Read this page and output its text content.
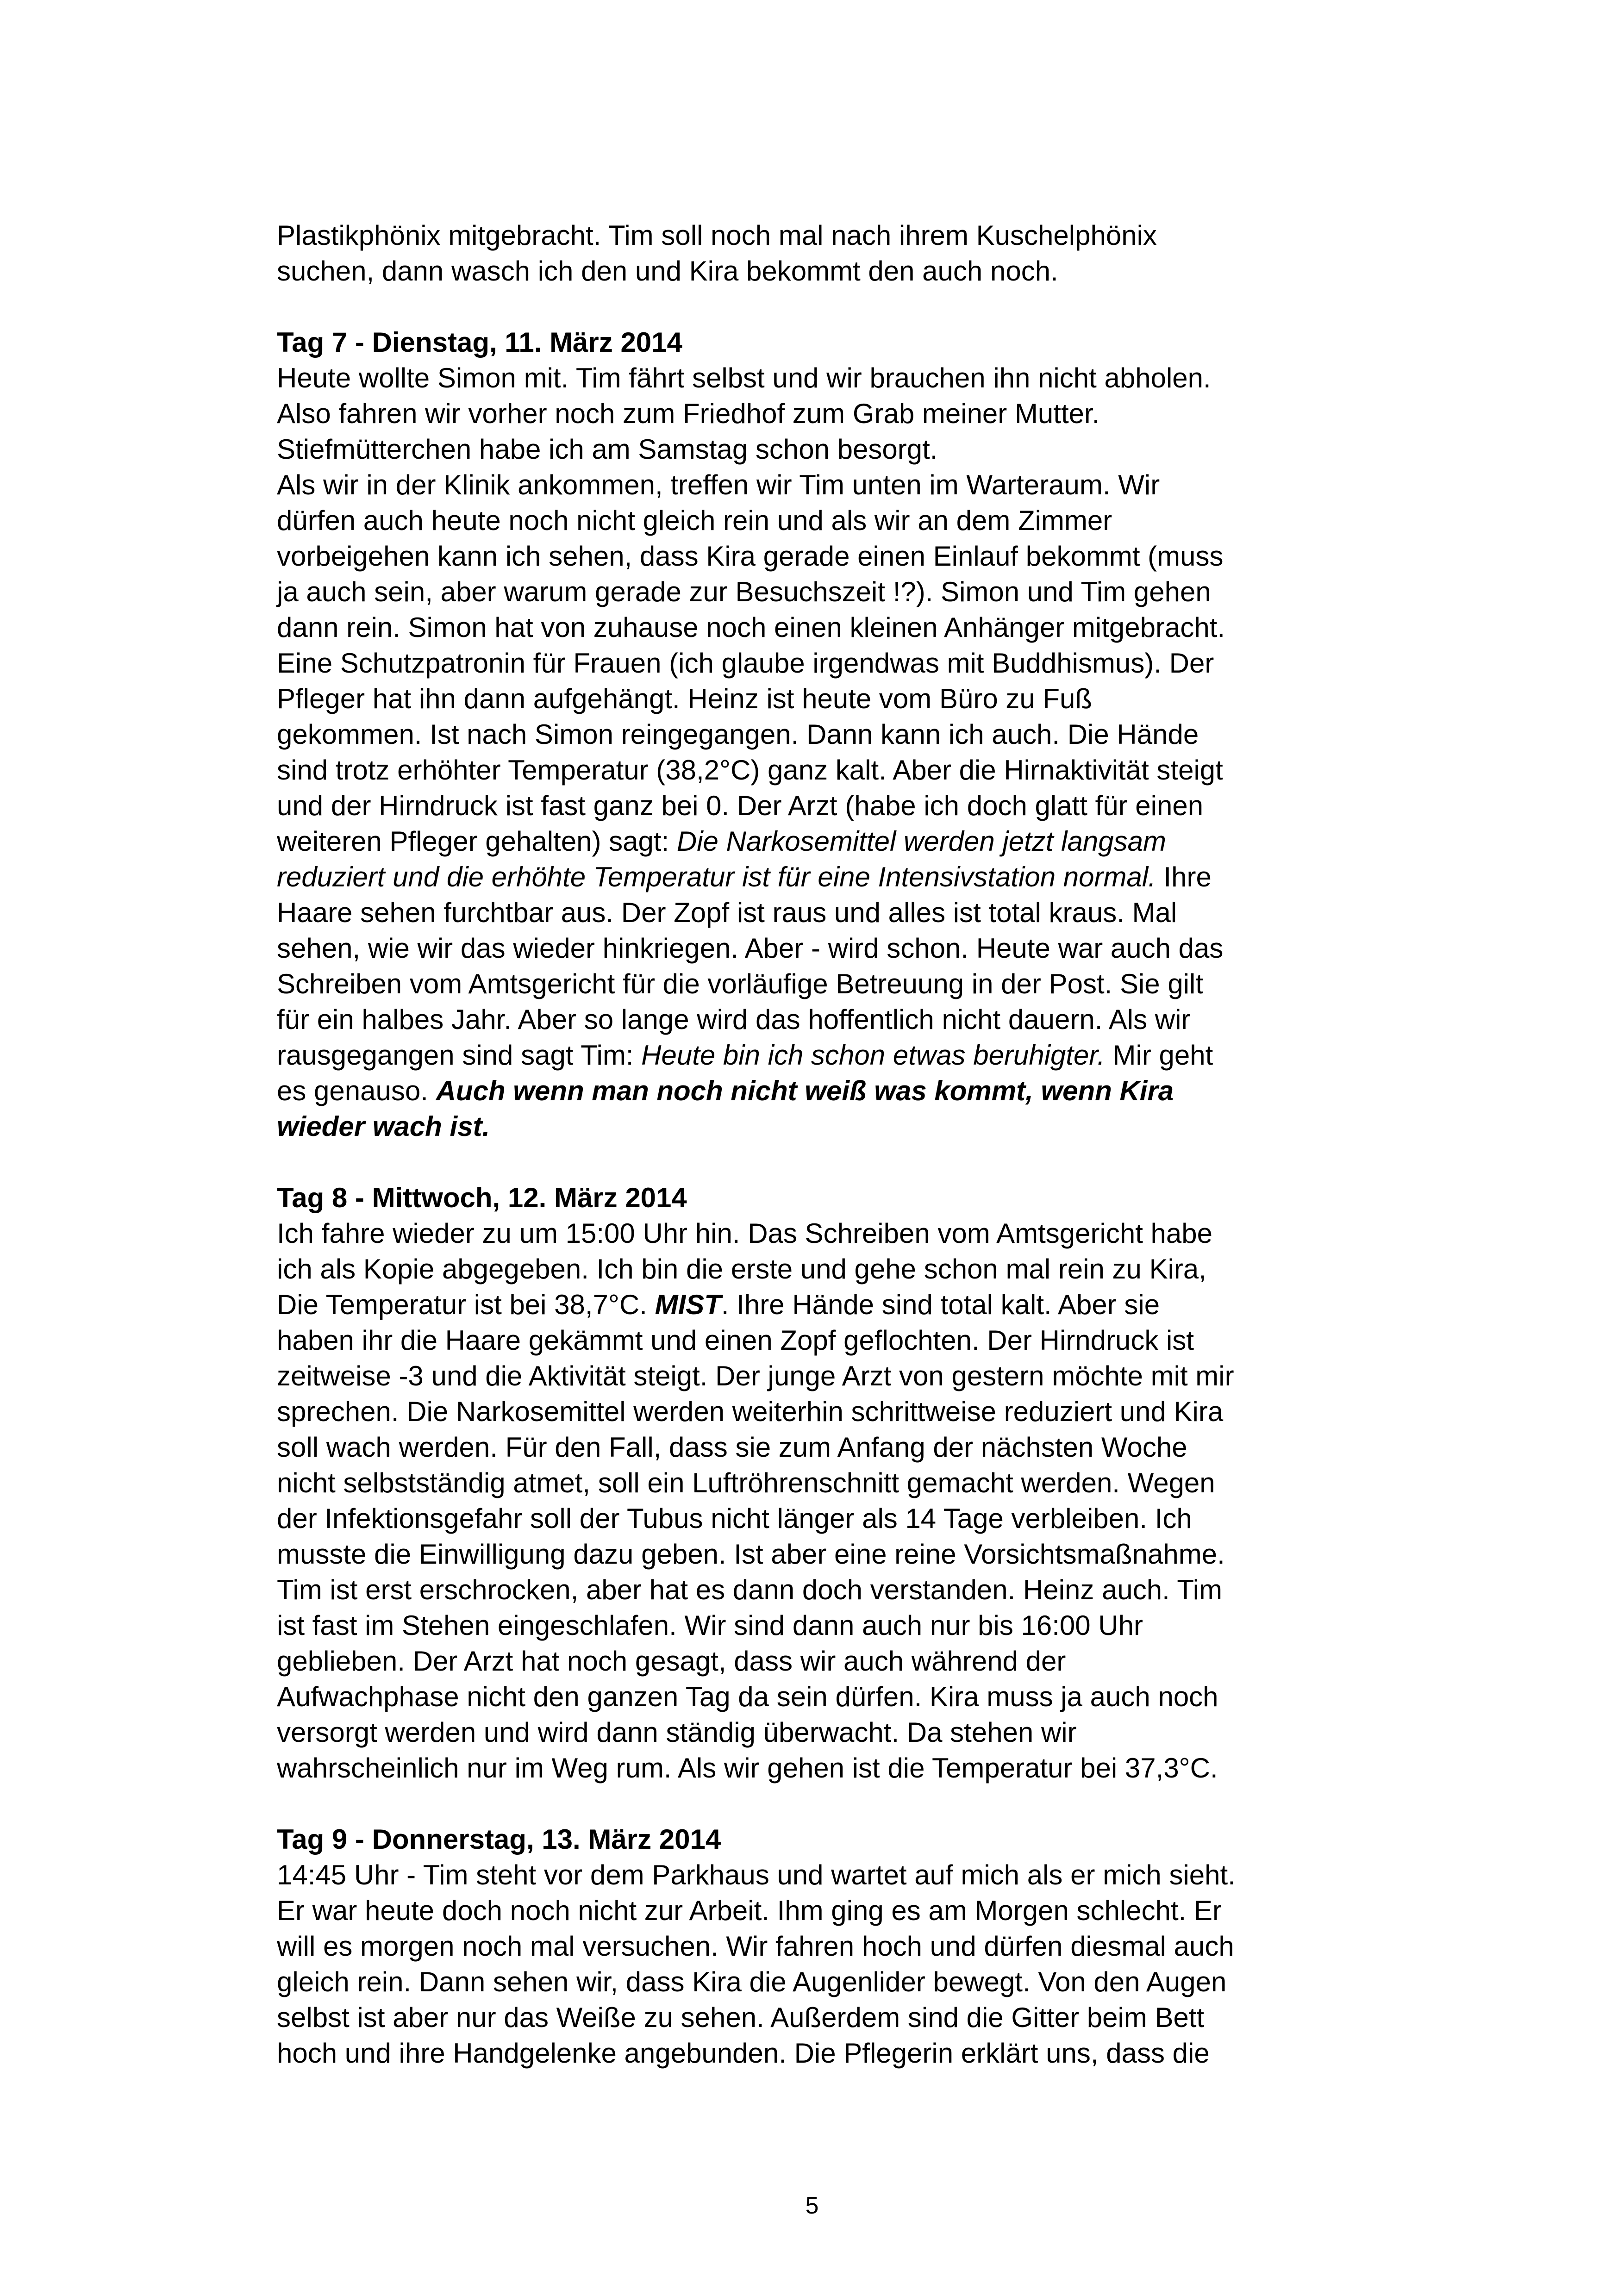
Plastikphönix mitgebracht. Tim soll noch mal nach ihrem Kuschelphönix
suchen, dann wasch ich den und Kira bekommt den auch noch.
Tag 7 - Dienstag, 11. März 2014
Heute wollte Simon mit. Tim fährt selbst und wir brauchen ihn nicht abholen.
Also fahren wir vorher noch zum Friedhof zum Grab meiner Mutter.
Stiefmütterchen habe ich am Samstag schon besorgt.
Als wir in der Klinik ankommen, treffen wir Tim unten im Warteraum. Wir
dürfen auch heute noch nicht gleich rein und als wir an dem Zimmer
vorbeigehen kann ich sehen, dass Kira gerade einen Einlauf bekommt (muss
ja auch sein, aber warum gerade zur Besuchszeit !?). Simon und Tim gehen
dann rein. Simon hat von zuhause noch einen kleinen Anhänger mitgebracht.
Eine Schutzpatronin für Frauen (ich glaube irgendwas mit Buddhismus). Der
Pfleger hat ihn dann aufgehängt. Heinz ist heute vom Büro zu Fuß
gekommen. Ist nach Simon reingegangen. Dann kann ich auch. Die Hände
sind trotz erhöhter Temperatur (38,2°C) ganz kalt. Aber die Hirnaktivität steigt
und der Hirndruck ist fast ganz bei 0. Der Arzt (habe ich doch glatt für einen
weiteren Pfleger gehalten) sagt: Die Narkosemittel werden jetzt langsam
reduziert und die erhöhte Temperatur ist für eine Intensivstation normal. Ihre
Haare sehen furchtbar aus. Der Zopf ist raus und alles ist total kraus. Mal
sehen, wie wir das wieder hinkriegen. Aber - wird schon. Heute war auch das
Schreiben vom Amtsgericht für die vorläufige Betreuung in der Post. Sie gilt
für ein halbes Jahr. Aber so lange wird das hoffentlich nicht dauern. Als wir
rausgegangen sind sagt Tim: Heute bin ich schon etwas beruhigter. Mir geht
es genauso. Auch wenn man noch nicht weiß was kommt, wenn Kira
wieder wach ist.
Tag 8 - Mittwoch, 12. März 2014
Ich fahre wieder zu um 15:00 Uhr hin. Das Schreiben vom Amtsgericht habe
ich als Kopie abgegeben. Ich bin die erste und gehe schon mal rein zu Kira,
Die Temperatur ist bei 38,7°C. MIST. Ihre Hände sind total kalt. Aber sie
haben ihr die Haare gekämmt und einen Zopf geflochten. Der Hirndruck ist
zeitweise -3 und die Aktivität steigt. Der junge Arzt von gestern möchte mit mir
sprechen. Die Narkosemittel werden weiterhin schrittweise reduziert und Kira
soll wach werden. Für den Fall, dass sie zum Anfang der nächsten Woche
nicht selbstständig atmet, soll ein Luftröhrenschnitt gemacht werden. Wegen
der Infektionsgefahr soll der Tubus nicht länger als 14 Tage verbleiben. Ich
musste die Einwilligung dazu geben. Ist aber eine reine Vorsichtsmaßnahme.
Tim ist erst erschrocken, aber hat es dann doch verstanden. Heinz auch. Tim
ist fast im Stehen eingeschlafen. Wir sind dann auch nur bis 16:00 Uhr
geblieben. Der Arzt hat noch gesagt, dass wir auch während der
Aufwachphase nicht den ganzen Tag da sein dürfen. Kira muss ja auch noch
versorgt werden und wird dann ständig überwacht. Da stehen wir
wahrscheinlich nur im Weg rum. Als wir gehen ist die Temperatur bei 37,3°C.
Tag 9 - Donnerstag, 13. März 2014
14:45 Uhr - Tim steht vor dem Parkhaus und wartet auf mich als er mich sieht.
Er war heute doch noch nicht zur Arbeit. Ihm ging es am Morgen schlecht. Er
will es morgen noch mal versuchen. Wir fahren hoch und dürfen diesmal auch
gleich rein. Dann sehen wir, dass Kira die Augenlider bewegt. Von den Augen
selbst ist aber nur das Weiße zu sehen. Außerdem sind die Gitter beim Bett
hoch und ihre Handgelenke angebunden. Die Pflegerin erklärt uns, dass die
5
